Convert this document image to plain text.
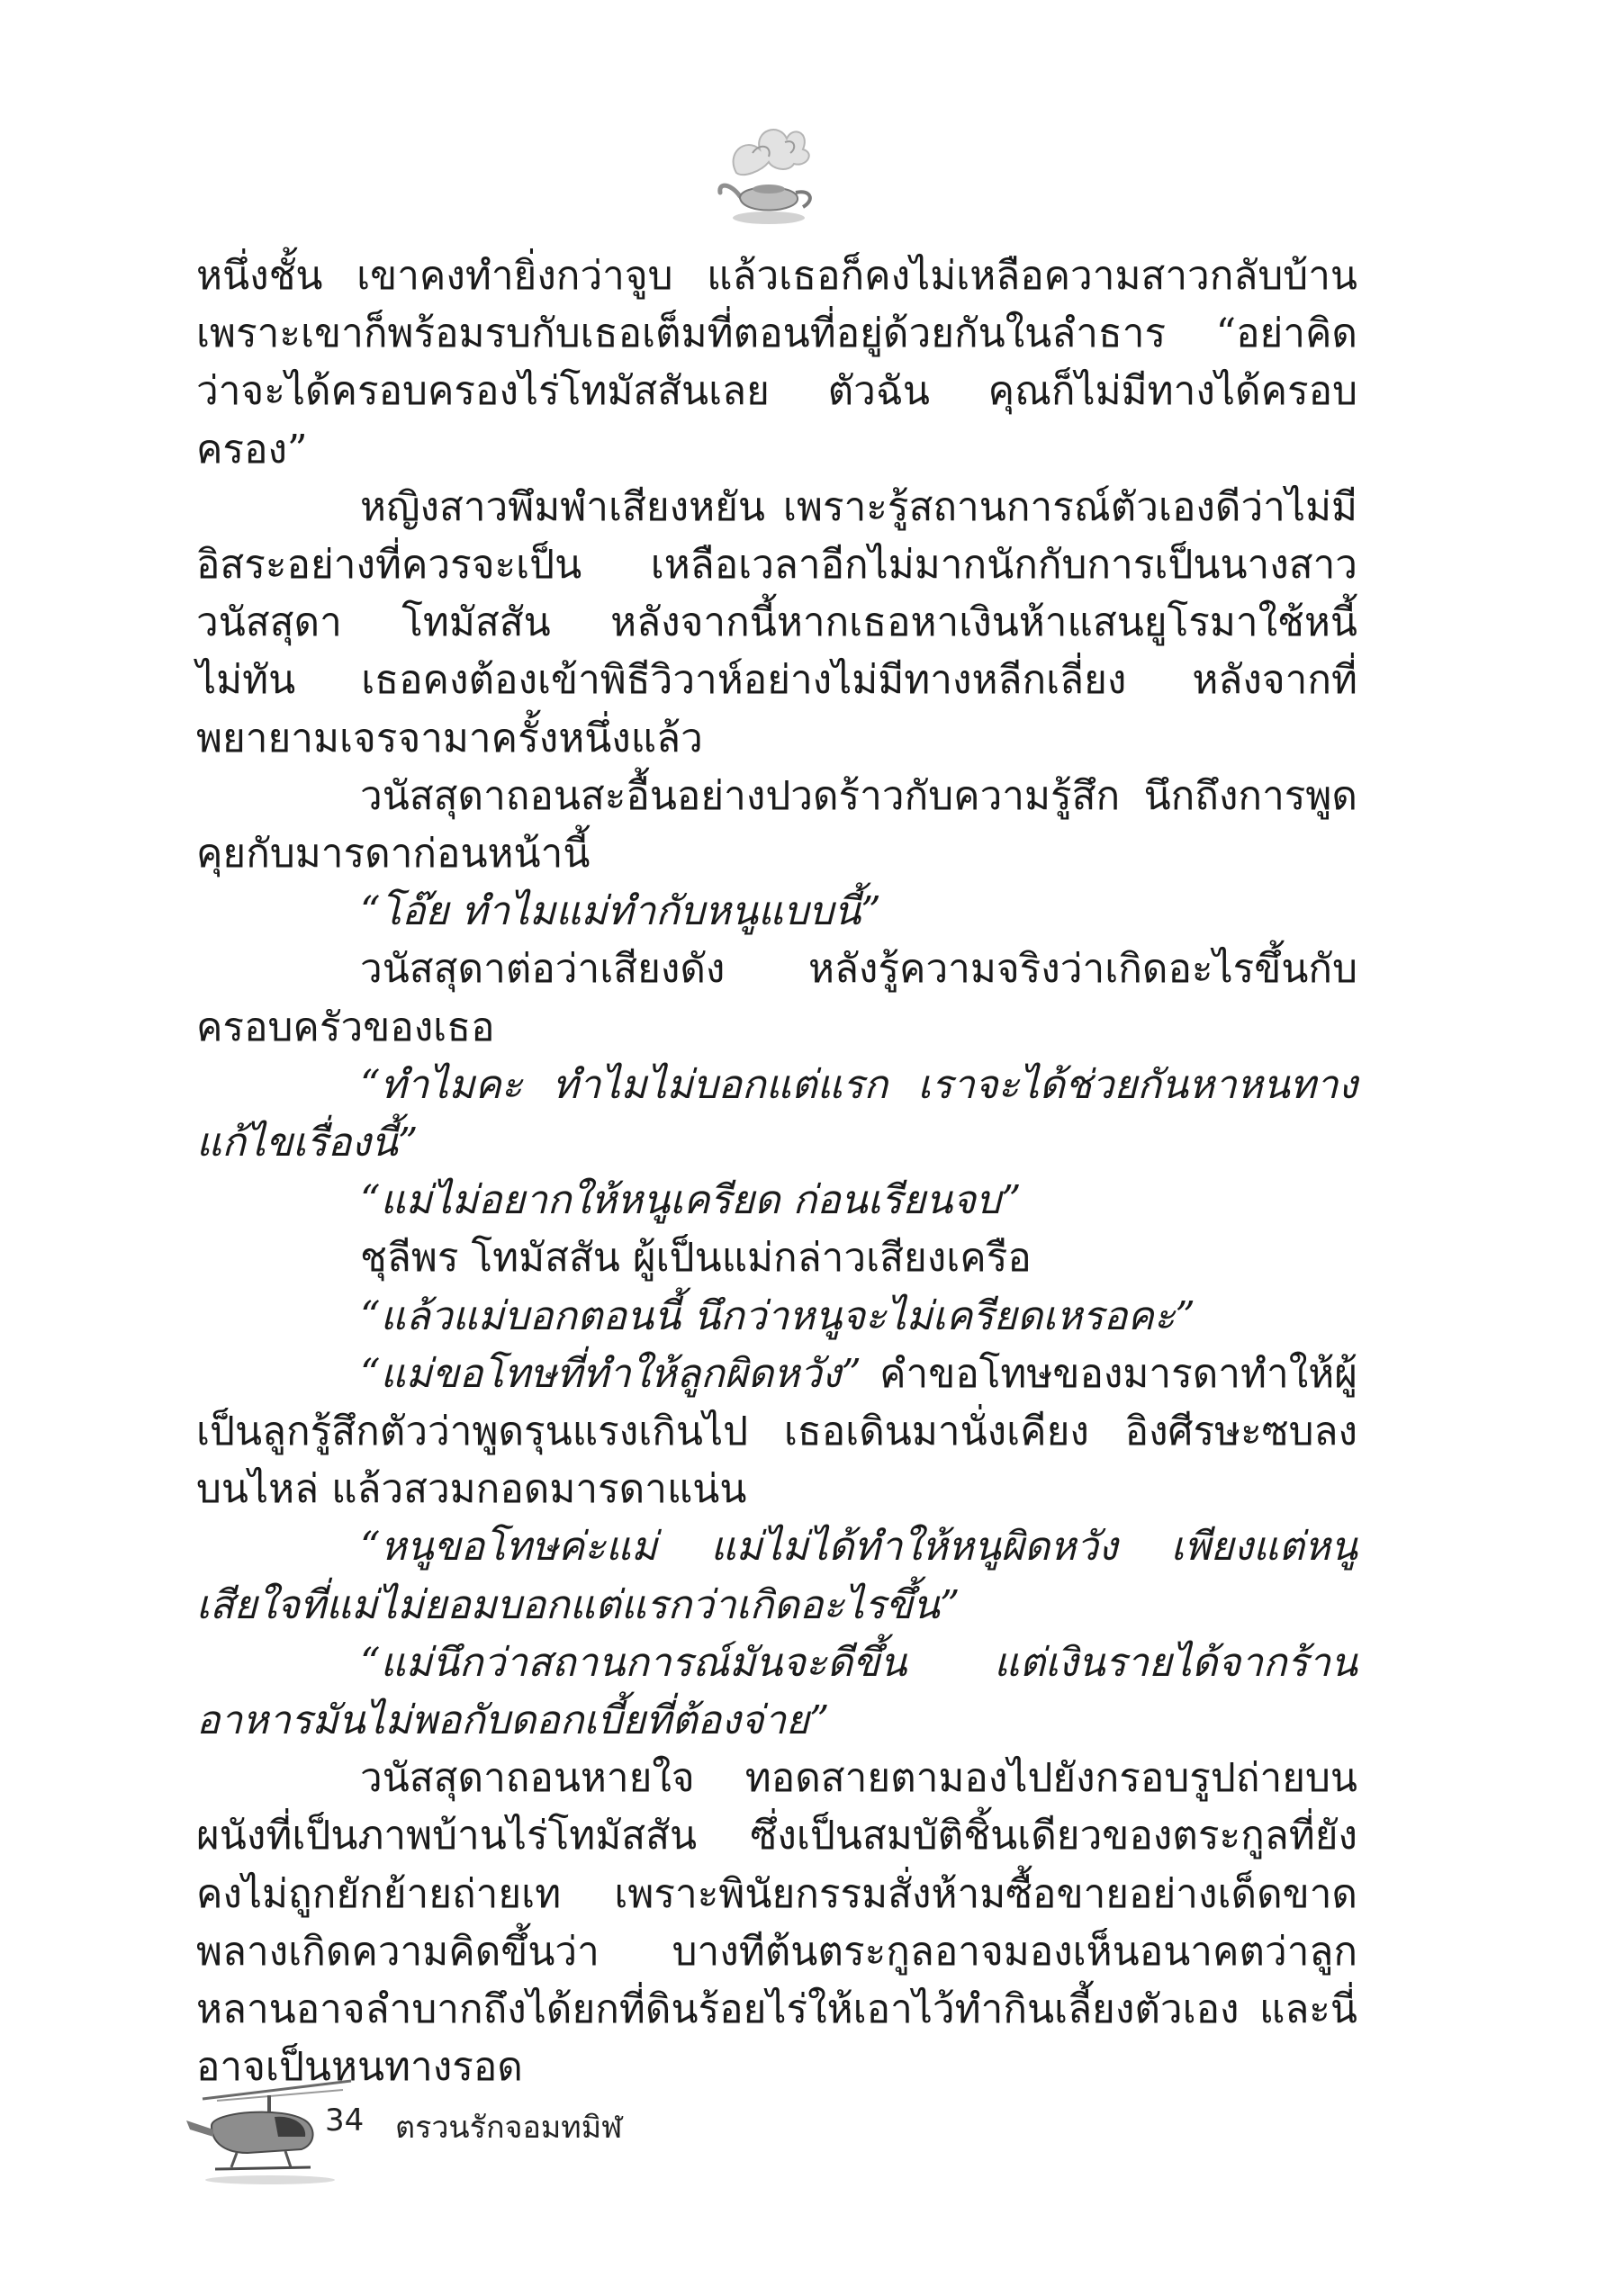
หนึ่งชั้น เขาคงทำยิ่งกว่าจูบ แล้วเธอก็คงไม่เหลือความสาวกลับบ้าน เพราะเขาก็พร้อมรบกับเธอเต็มที่ตอนที่อยู่ด้วยกันในลำธาร “อย่าคิดว่าจะได้ครอบครองไร่โทมัสสันเลย ตัวฉัน คุณก็ไม่มีทางได้ครอบครอง”

หญิงสาวพึมพำเสียงหยัน เพราะรู้สถานการณ์ตัวเองดีว่าไม่มีอิสระอย่างที่ควรจะเป็น เหลือเวลาอีกไม่มากนักกับการเป็นนางสาววนัสสุดา โทมัสสัน หลังจากนี้หากเธอหาเงินห้าแสนยูโรมาใช้หนี้ไม่ทัน เธอคงต้องเข้าพิธีวิวาห์อย่างไม่มีทางหลีกเลี่ยง หลังจากที่พยายามเจรจามาครั้งหนึ่งแล้ว

วนัสสุดาถอนสะอื้นอย่างปวดร้าวกับความรู้สึก นึกถึงการพูดคุยกับมารดาก่อนหน้านี้

“โอ๊ย ทำไมแม่ทำกับหนูแบบนี้”

วนัสสุดาต่อว่าเสียงดัง หลังรู้ความจริงว่าเกิดอะไรขึ้นกับครอบครัวของเธอ

“ทำไมคะ ทำไมไม่บอกแต่แรก เราจะได้ช่วยกันหาหนทางแก้ไขเรื่องนี้”

“แม่ไม่อยากให้หนูเครียด ก่อนเรียนจบ”

ชุลีพร โทมัสสัน ผู้เป็นแม่กล่าวเสียงเครือ

“แล้วแม่บอกตอนนี้ นึกว่าหนูจะไม่เครียดเหรอคะ”

“แม่ขอโทษที่ทำให้ลูกผิดหวัง” คำขอโทษของมารดาทำให้ผู้เป็นลูกรู้สึกตัวว่าพูดรุนแรงเกินไป เธอเดินมานั่งเคียง อิงศีรษะซบลงบนไหล่ แล้วสวมกอดมารดาแน่น

“หนูขอโทษค่ะแม่ แม่ไม่ได้ทำให้หนูผิดหวัง เพียงแต่หนูเสียใจที่แม่ไม่ยอมบอกแต่แรกว่าเกิดอะไรขึ้น”

“แม่นึกว่าสถานการณ์มันจะดีขึ้น แต่เงินรายได้จากร้านอาหารมันไม่พอกับดอกเบี้ยที่ต้องจ่าย”

วนัสสุดาถอนหายใจ ทอดสายตามองไปยังกรอบรูปถ่ายบนผนังที่เป็นภาพบ้านไร่โทมัสสัน ซึ่งเป็นสมบัติชิ้นเดียวของตระกูลที่ยังคงไม่ถูกยักย้ายถ่ายเท เพราะพินัยกรรมสั่งห้ามซื้อขายอย่างเด็ดขาด พลางเกิดความคิดขึ้นว่า บางทีต้นตระกูลอาจมองเห็นอนาคตว่าลูกหลานอาจลำบากถึงได้ยกที่ดินร้อยไร่ให้เอาไว้ทำกินเลี้ยงตัวเอง และนี่อาจเป็นหนทางรอด

34 ตรวนรักจอมทมิฬ
